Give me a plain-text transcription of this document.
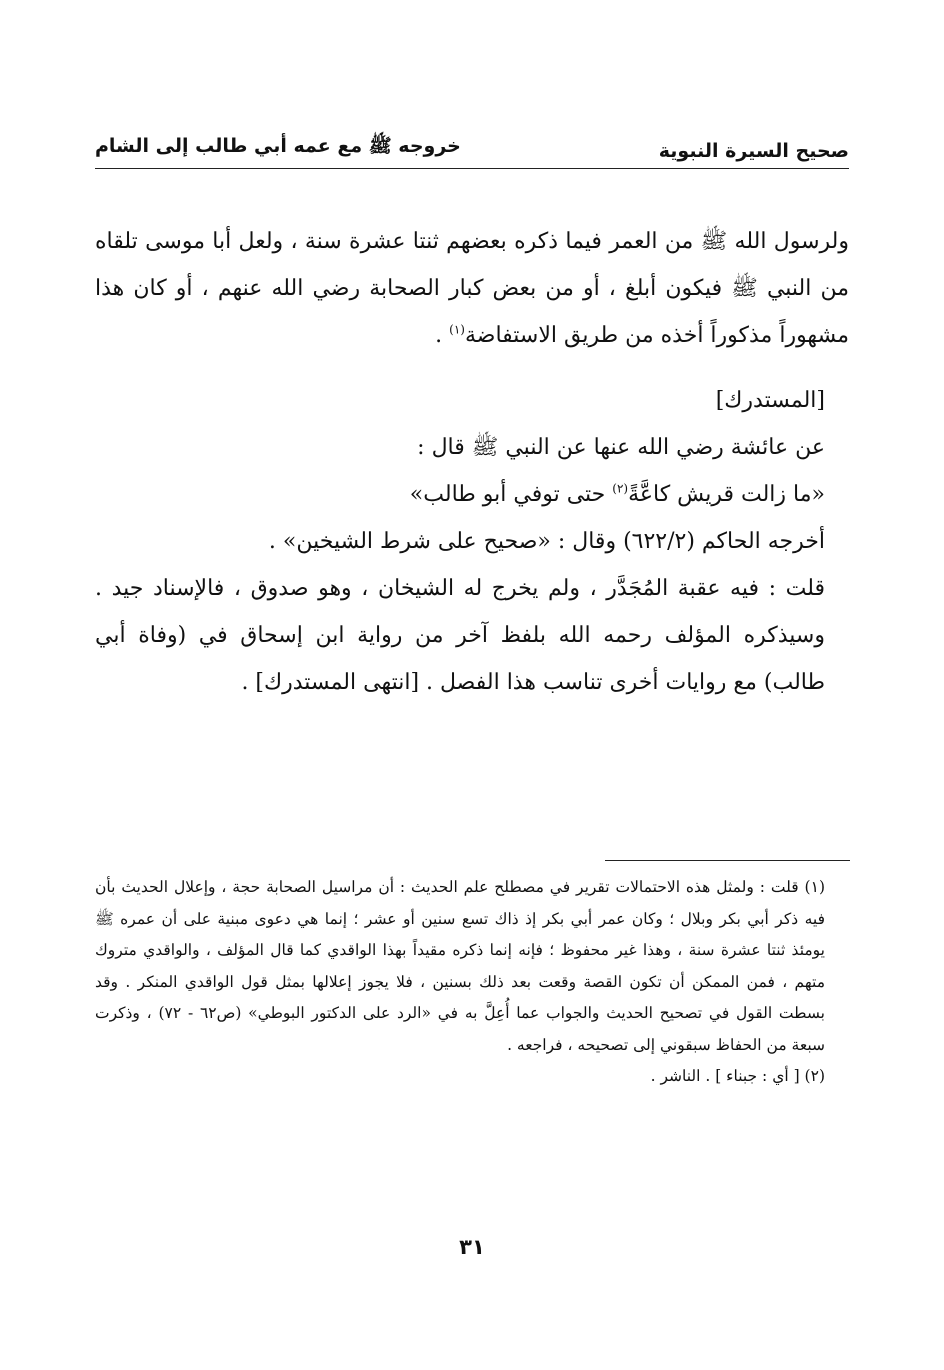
صحيح السيرة النبوية
خروجه ﷺ مع عمه أبي طالب إلى الشام

ولرسول الله ﷺ من العمر فيما ذكره بعضهم ثنتا عشرة سنة ، ولعل أبا موسى تلقاه من النبي ﷺ فيكون أبلغ ، أو من بعض كبار الصحابة رضي الله عنهم ، أو كان هذا مشهوراً مذكوراً أخذه من طريق الاستفاضة$^{(١)}$ .

[المستدرك]

عن عائشة رضي الله عنها عن النبي ﷺ قال :

«ما زالت قريش كاعَّةً$^{(٢)}$ حتى توفي أبو طالب»

أخرجه الحاكم (٦٢٢/٢) وقال : «صحيح على شرط الشيخين» .

قلت : فيه عقبة المُجَدَّر ، ولم يخرج له الشيخان ، وهو صدوق ، فالإسناد جيد . وسيذكره المؤلف رحمه الله بلفظ آخر من رواية ابن إسحاق في (وفاة أبي طالب) مع روايات أخرى تناسب هذا الفصل . [انتهى المستدرك] .

(١) قلت : ولمثل هذه الاحتمالات تقرير في مصطلح علم الحديث : أن مراسيل الصحابة حجة ، وإعلال الحديث بأن فيه ذكر أبي بكر وبلال ؛ وكان عمر أبي بكر إذ ذاك تسع سنين أو عشر ؛ إنما هي دعوى مبنية على أن عمره ﷺ يومئذ ثنتا عشرة سنة ، وهذا غير محفوظ ؛ فإنه إنما ذكره مقيداً بهذا الواقدي كما قال المؤلف ، والواقدي متروك متهم ، فمن الممكن أن تكون القصة وقعت بعد ذلك بسنين ، فلا يجوز إعلالها بمثل قول الواقدي المنكر . وقد بسطت القول في تصحيح الحديث والجواب عما أُعِلَّ به في «الرد على الدكتور البوطي» (ص٦٢ - ٧٢) ، وذكرت سبعة من الحفاظ سبقوني إلى تصحيحه ، فراجعه .

(٢) [ أي : جبناء ] . الناشر .

٣١
